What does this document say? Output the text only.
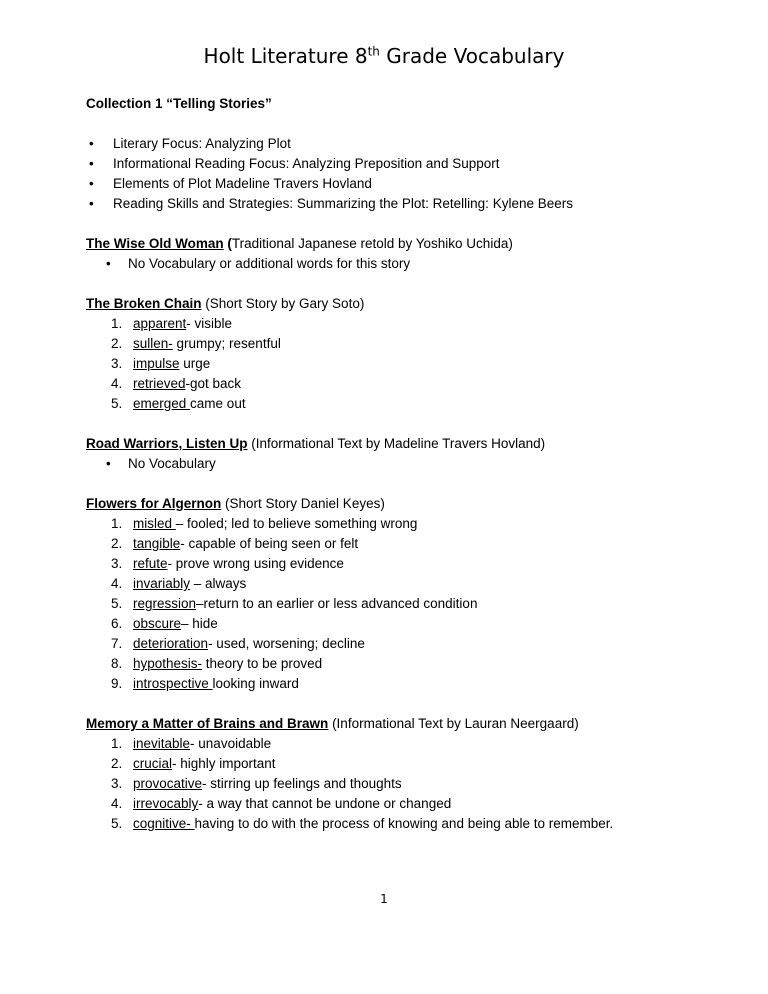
Holt Literature 8th Grade Vocabulary
Collection 1 “Telling Stories”
• Literary Focus: Analyzing Plot
• Informational Reading Focus: Analyzing Preposition and Support
• Elements of Plot Madeline Travers Hovland
• Reading Skills and Strategies: Summarizing the Plot: Retelling: Kylene Beers
The Wise Old Woman (Traditional Japanese retold by Yoshiko Uchida)
• No Vocabulary or additional words for this story
The Broken Chain (Short Story by Gary Soto)
1. apparent- visible
2. sullen- grumpy; resentful
3. impulse urge
4. retrieved-got back
5. emerged came out
Road Warriors, Listen Up (Informational Text by Madeline Travers Hovland)
• No Vocabulary
Flowers for Algernon (Short Story Daniel Keyes)
1. misled – fooled; led to believe something wrong
2. tangible- capable of being seen or felt
3. refute- prove wrong using evidence
4. invariably – always
5. regression–return to an earlier or less advanced condition
6. obscure– hide
7. deterioration- used, worsening; decline
8. hypothesis- theory to be proved
9. introspective looking inward
Memory a Matter of Brains and Brawn (Informational Text by Lauran Neergaard)
1. inevitable- unavoidable
2. crucial- highly important
3. provocative- stirring up feelings and thoughts
4. irrevocably- a way that cannot be undone or changed
5. cognitive- having to do with the process of knowing and being able to remember.
1
